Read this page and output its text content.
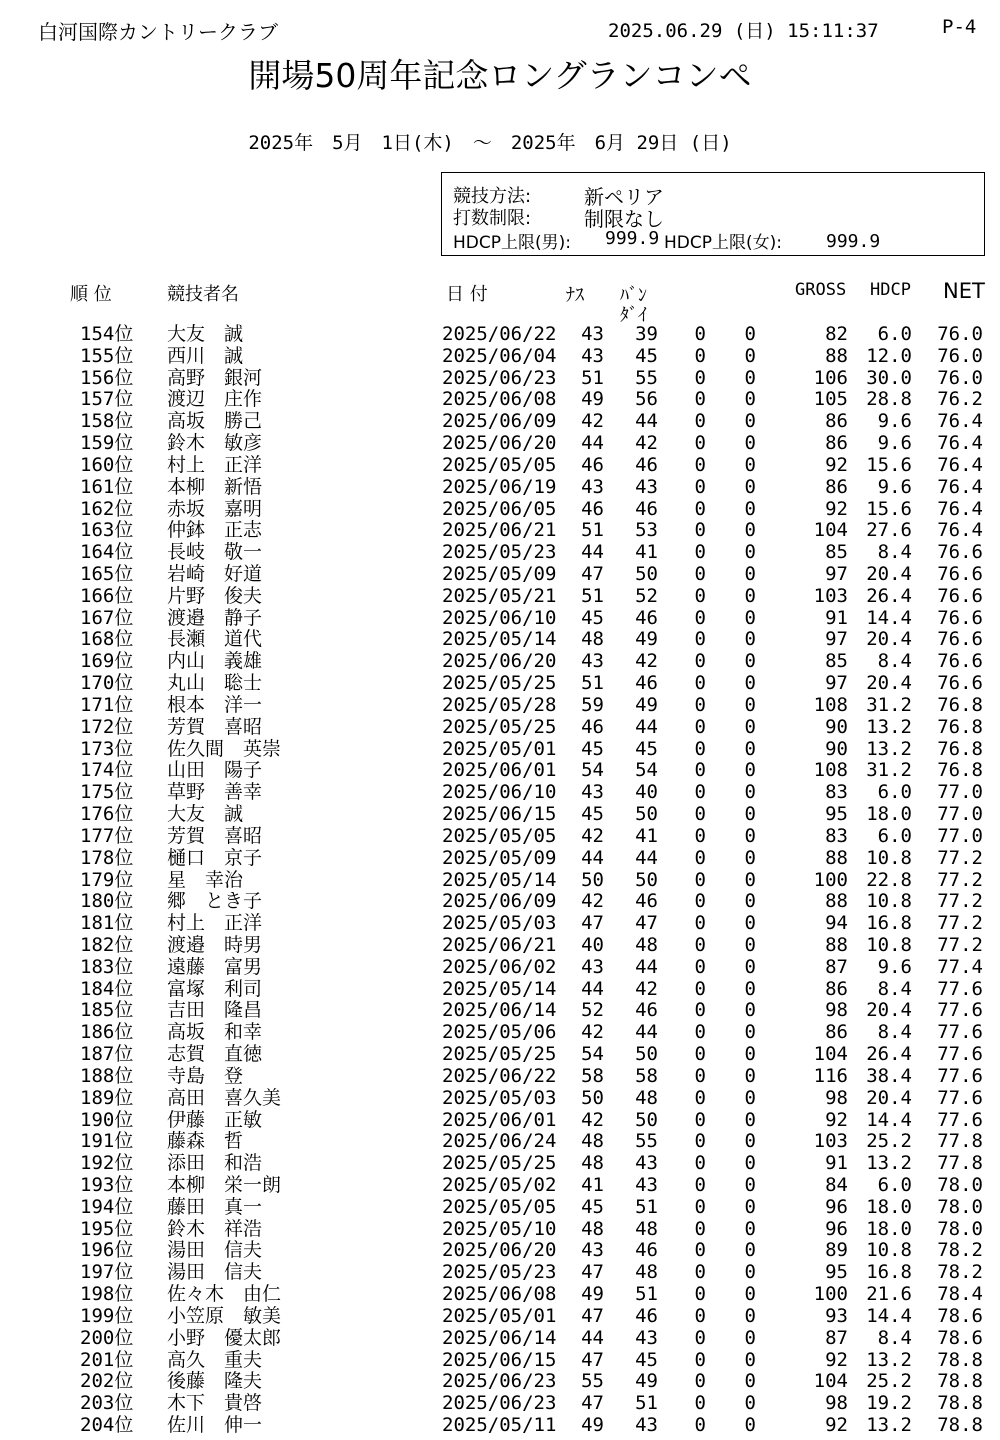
白河国際カントリークラブ	2025.06.29 (日) 15:11:37	P-4
開場50周年記念ロングランコンペ
2025年　5月　1日(木)　～　2025年　6月 29日 (日)
競技方法:	新ペリア
打数制限:	制限なし
HDCP上限(男): 999.9 HDCP上限(女): 999.9
順 位	競技者名	日 付	ﾅｽ ﾊﾞﾝ
ﾀﾞｲ
GROSS HDCP NET
154位 大友　誠	2025/06/22 43 39 0 0	82 6.0 76.0
155位 西川　誠	2025/06/04 43 45 0 0	88 12.0 76.0
156位 高野　銀河	2025/06/23 51 55 0 0	106 30.0 76.0
157位 渡辺　庄作	2025/06/08 49 56 0 0	105 28.8 76.2
158位 高坂　勝己	2025/06/09 42 44 0 0	86 9.6 76.4
159位 鈴木　敏彦	2025/06/20 44 42 0 0	86 9.6 76.4
160位 村上　正洋	2025/05/05 46 46 0 0	92 15.6 76.4
161位 本柳　新悟	2025/06/19 43 43 0 0	86 9.6 76.4
162位 赤坂　嘉明	2025/06/05 46 46 0 0	92 15.6 76.4
163位 仲鉢　正志	2025/06/21 51 53 0 0	104 27.6 76.4
164位 長岐　敬一	2025/05/23 44 41 0 0	85 8.4 76.6
165位 岩崎　好道	2025/05/09 47 50 0 0	97 20.4 76.6
166位 片野　俊夫	2025/05/21 51 52 0 0	103 26.4 76.6
167位 渡邉　静子	2025/06/10 45 46 0 0	91 14.4 76.6
168位 長瀬　道代	2025/05/14 48 49 0 0	97 20.4 76.6
169位 内山　義雄	2025/06/20 43 42 0 0	85 8.4 76.6
170位 丸山　聡士	2025/05/25 51 46 0 0	97 20.4 76.6
171位 根本　洋一	2025/05/28 59 49 0 0	108 31.2 76.8
172位 芳賀　喜昭	2025/05/25 46 44 0 0	90 13.2 76.8
173位 佐久間　英崇	2025/05/01 45 45 0 0	90 13.2 76.8
174位 山田　陽子	2025/06/01 54 54 0 0	108 31.2 76.8
175位 草野　善幸	2025/06/10 43 40 0 0	83 6.0 77.0
176位 大友　誠	2025/06/15 45 50 0 0	95 18.0 77.0
177位 芳賀　喜昭	2025/05/05 42 41 0 0	83 6.0 77.0
178位 樋口　京子	2025/05/09 44 44 0 0	88 10.8 77.2
179位 星　幸治	2025/05/14 50 50 0 0	100 22.8 77.2
180位 郷　とき子	2025/06/09 42 46 0 0	88 10.8 77.2
181位 村上　正洋	2025/05/03 47 47 0 0	94 16.8 77.2
182位 渡邉　時男	2025/06/21 40 48 0 0	88 10.8 77.2
183位 遠藤　富男	2025/06/02 43 44 0 0	87 9.6 77.4
184位 富塚　利司	2025/05/14 44 42 0 0	86 8.4 77.6
185位 吉田　隆昌	2025/06/14 52 46 0 0	98 20.4 77.6
186位 高坂　和幸	2025/05/06 42 44 0 0	86 8.4 77.6
187位 志賀　直徳	2025/05/25 54 50 0 0	104 26.4 77.6
188位 寺島　登	2025/06/22 58 58 0 0	116 38.4 77.6
189位 高田　喜久美	2025/05/03 50 48 0 0	98 20.4 77.6
190位 伊藤　正敏	2025/06/01 42 50 0 0	92 14.4 77.6
191位 藤森　哲	2025/06/24 48 55 0 0	103 25.2 77.8
192位 添田　和浩	2025/05/25 48 43 0 0	91 13.2 77.8
193位 本柳　栄一朗	2025/05/02 41 43 0 0	84 6.0 78.0
194位 藤田　真一	2025/05/05 45 51 0 0	96 18.0 78.0
195位 鈴木　祥浩	2025/05/10 48 48 0 0	96 18.0 78.0
196位 湯田　信夫	2025/06/20 43 46 0 0	89 10.8 78.2
197位 湯田　信夫	2025/05/23 47 48 0 0	95 16.8 78.2
198位 佐々木　由仁	2025/06/08 49 51 0 0	100 21.6 78.4
199位 小笠原　敏美	2025/05/01 47 46 0 0	93 14.4 78.6
200位 小野　優太郎	2025/06/14 44 43 0 0	87 8.4 78.6
201位 高久　重夫	2025/06/15 47 45 0 0	92 13.2 78.8
202位 後藤　隆夫	2025/06/23 55 49 0 0	104 25.2 78.8
203位 木下　貴啓	2025/06/23 47 51 0 0	98 19.2 78.8
204位 佐川　伸一	2025/05/11 49 43 0 0	92 13.2 78.8
